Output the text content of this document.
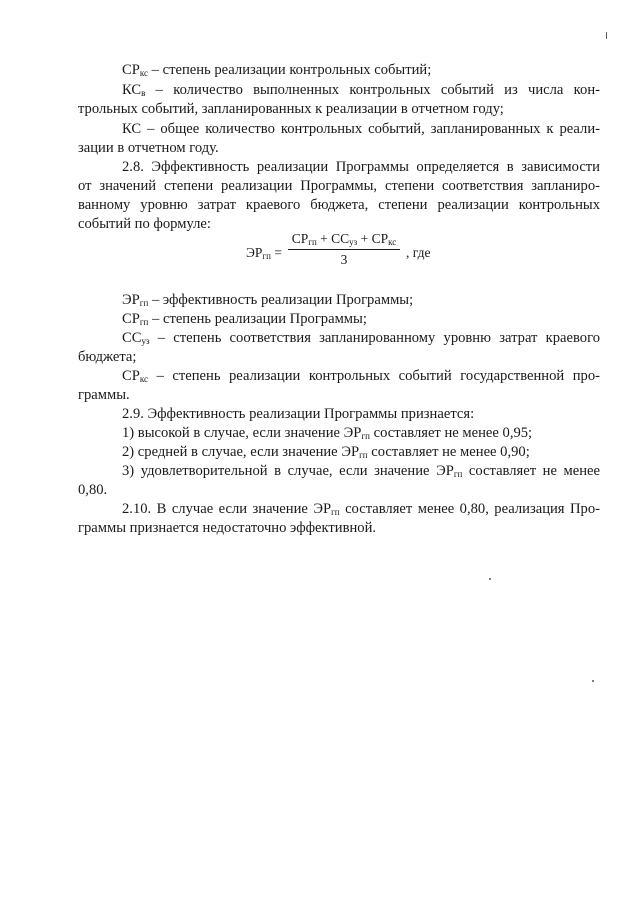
$СР_{кс}$ – степень реализации контрольных событий;
$КС_в$ – количество выполненных контрольных событий из числа кон-
трольных событий, запланированных к реализации в отчетном году;
КС – общее количество контрольных событий, запланированных к реали-
зации в отчетном году.
2.8. Эффективность реализации Программы определяется в зависимости
от значений степени реализации Программы, степени соответствия запланиро-
ванному уровню затрат краевого бюджета, степени реализации контрольных
событий по формуле:
$ЭР_{гп}$ =
$СР_{гп} + СС_{уз} + СР_{кс}$
3	, где
$ЭР_{гп}$ – эффективность реализации Программы;
$СР_{гп}$ – степень реализации Программы;
$СС_{уз}$ – степень соответствия запланированному уровню затрат краевого
бюджета;
$СР_{кс}$ – степень реализации контрольных событий государственной про-
граммы.
2.9. Эффективность реализации Программы признается:
1) высокой в случае, если значение $ЭР_{гп}$ составляет не менее 0,95;
2) средней в случае, если значение $ЭР_{гп}$ составляет не менее 0,90;
3) удовлетворительной в случае, если значение $ЭР_{гп}$ составляет не менее
0,80.
2.10. В случае если значение $ЭР_{гп}$ составляет менее 0,80, реализация Про-
граммы признается недостаточно эффективной.
